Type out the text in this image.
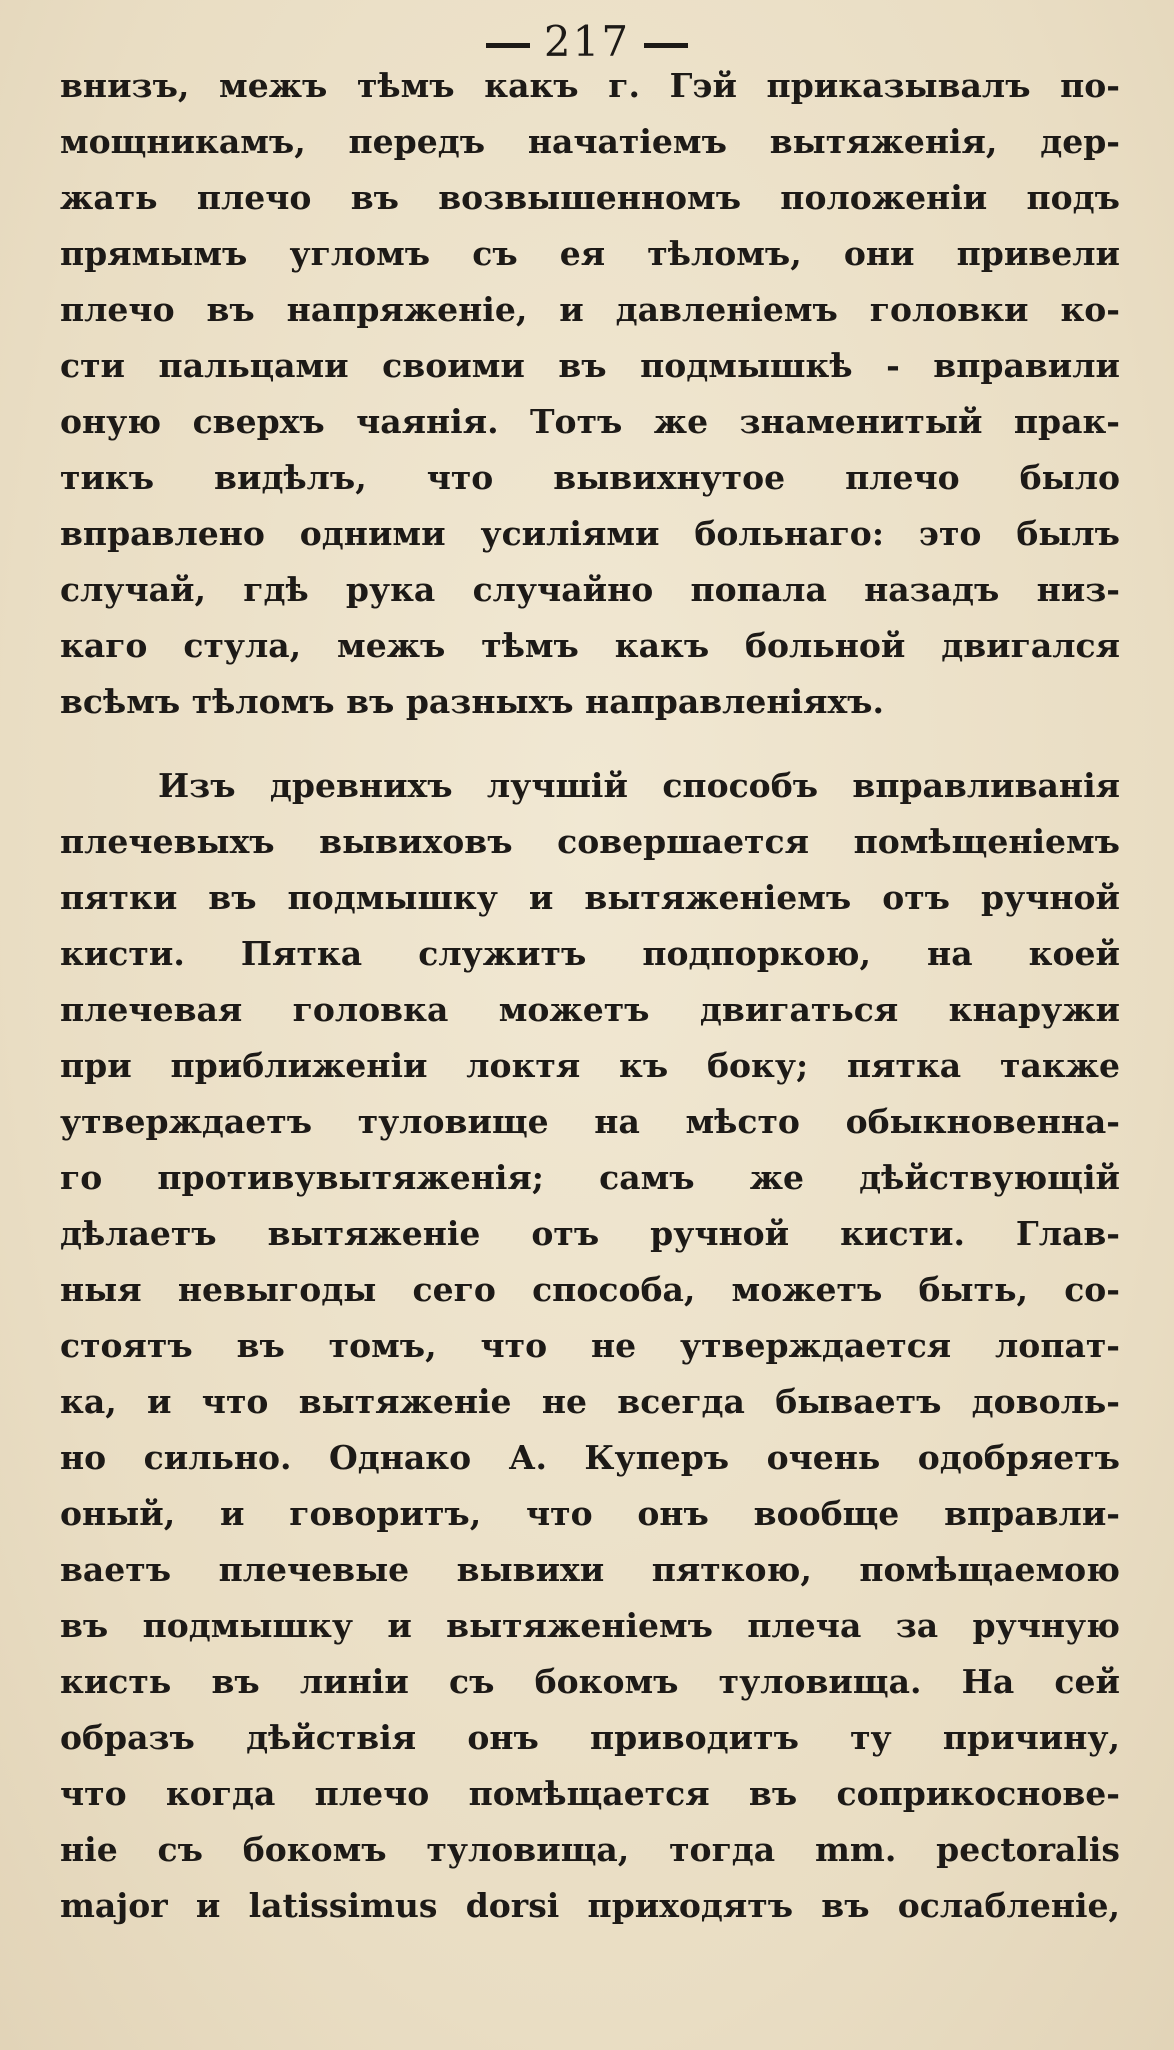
217
внизъ, межъ тѣмъ какъ г. Гэй приказывалъ по-
мощникамъ, передъ начатіемъ вытяженія, дер-
жать плечо въ возвышенномъ положеніи подъ
прямымъ угломъ съ ея тѣломъ, они привели
плечо въ напряженіе, и давленіемъ головки ко-
сти пальцами своими въ подмышкѣ - вправили
оную сверхъ чаянія. Тотъ же знаменитый прак-
тикъ видѣлъ, что вывихнутое плечо было
вправлено одними усиліями больнаго: это былъ
случай, гдѣ рука случайно попала назадъ низ-
каго стула, межъ тѣмъ какъ больной двигался
всѣмъ тѣломъ въ разныхъ направленіяхъ.
Изъ древнихъ лучшій способъ вправливанія
плечевыхъ вывиховъ совершается помѣщеніемъ
пятки въ подмышку и вытяженіемъ отъ ручной
кисти. Пятка служитъ подпоркою, на коей
плечевая головка можетъ двигаться кнаружи
при приближеніи локтя къ боку; пятка также
утверждаетъ туловище на мѣсто обыкновенна-
го противувытяженія; самъ же дѣйствующій
дѣлаетъ вытяженіе отъ ручной кисти. Глав-
ныя невыгоды сего способа, можетъ быть, со-
стоятъ въ томъ, что не утверждается лопат-
ка, и что вытяженіе не всегда бываетъ доволь-
но сильно. Однако А. Куперъ очень одобряетъ
оный, и говоритъ, что онъ вообще вправли-
ваетъ плечевые вывихи пяткою, помѣщаемою
въ подмышку и вытяженіемъ плеча за ручную
кисть въ линіи съ бокомъ туловища. На сей
образъ дѣйствія онъ приводитъ ту причину,
что когда плечо помѣщается въ соприкоснове-
ніе съ бокомъ туловища, тогда mm. pectoralis
major и latissimus dorsi приходятъ въ ослабленіе,
